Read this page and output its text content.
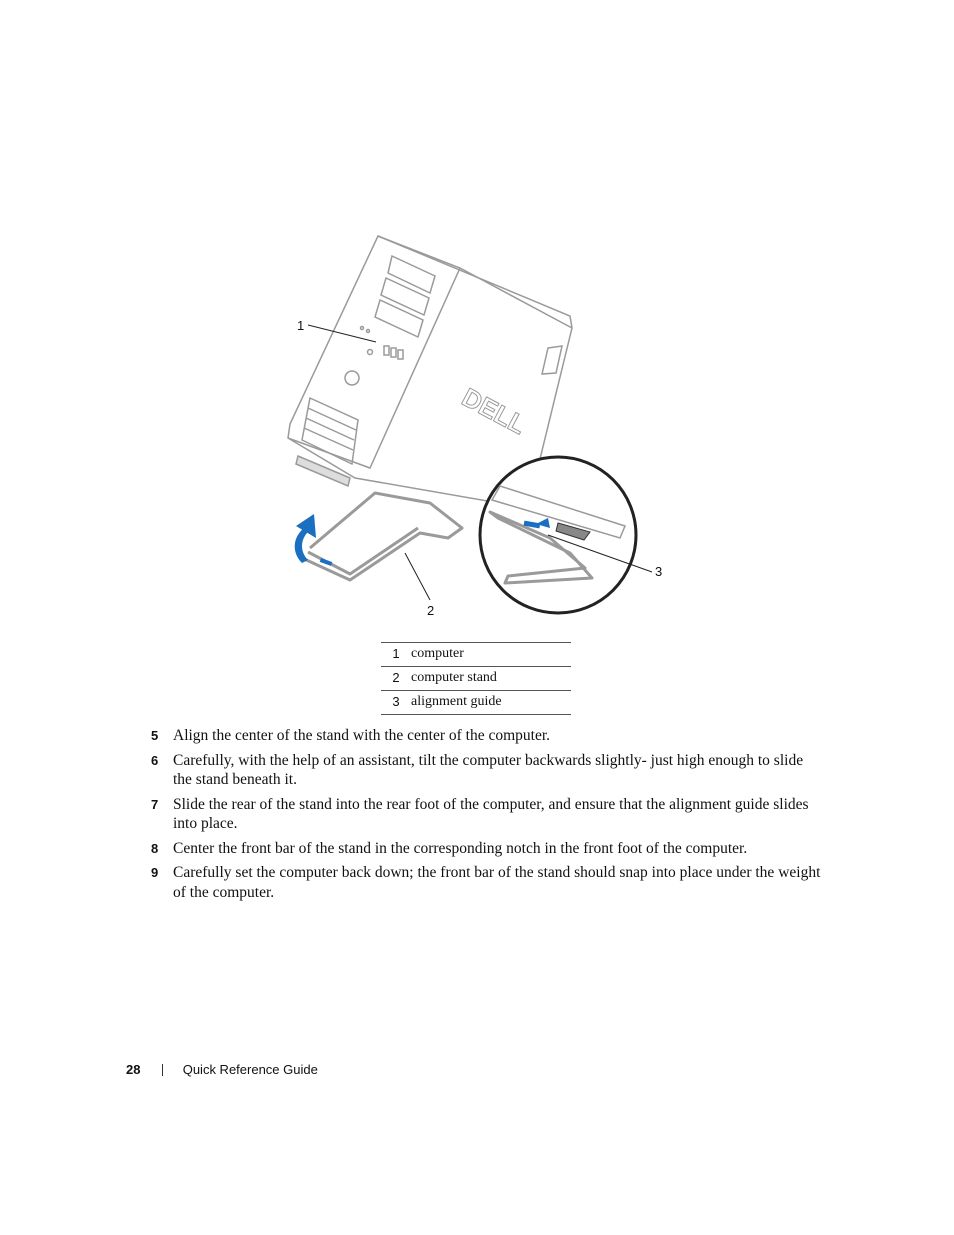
DELL
1
2
3
1	computer
2	computer stand
3	alignment guide
5 Align the center of the stand with the center of the computer.
6 Carefully, with the help of an assistant, tilt the computer backwards slightly- just high enough to slide the stand beneath it.
7 Slide the rear of the stand into the rear foot of the computer, and ensure that the alignment guide slides into place.
8 Center the front bar of the stand in the corresponding notch in the front foot of the computer.
9 Carefully set the computer back down; the front bar of the stand should snap into place under the weight of the computer.
28	Quick Reference Guide
